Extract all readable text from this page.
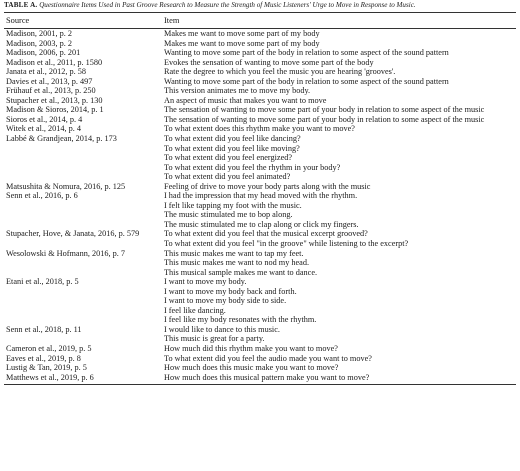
TABLE A. Questionnaire Items Used in Past Groove Research to Measure the Strength of Music Listeners' Urge to Move in Response to Music.
Source	Item
Madison, 2001, p. 2	Makes me want to move some part of my body
Madison, 2003, p. 2	Makes me want to move some part of my body
Madison, 2006, p. 201	Wanting to move some part of the body in relation to some aspect of the sound pattern
Madison et al., 2011, p. 1580	Evokes the sensation of wanting to move some part of the body
Janata et al., 2012, p. 58	Rate the degree to which you feel the music you are hearing 'grooves'.
Davies et al., 2013, p. 497	Wanting to move some part of the body in relation to some aspect of the sound pattern
Frühauf et al., 2013, p. 250	This version animates me to move my body.
Stupacher et al., 2013, p. 130	An aspect of music that makes you want to move
Madison & Sioros, 2014, p. 1	The sensation of wanting to move some part of your body in relation to some aspect of the music
Sioros et al., 2014, p. 4	The sensation of wanting to move some part of your body in relation to some aspect of the music
Witek et al., 2014, p. 4	To what extent does this rhythm make you want to move?
Labbé & Grandjean, 2014, p. 173	To what extent did you feel like dancing?
	To what extent did you feel like moving?
	To what extent did you feel energized?
	To what extent did you feel the rhythm in your body?
	To what extent did you feel animated?
Matsushita & Nomura, 2016, p. 125	Feeling of drive to move your body parts along with the music
Senn et al., 2016, p. 6	I had the impression that my head moved with the rhythm.
	I felt like tapping my foot with the music.
	The music stimulated me to bop along.
	The music stimulated me to clap along or click my fingers.
Stupacher, Hove, & Janata, 2016, p. 579	To what extent did you feel that the musical excerpt grooved?
	To what extent did you feel "in the groove" while listening to the excerpt?
Wesolowski & Hofmann, 2016, p. 7	This music makes me want to tap my feet.
	This music makes me want to nod my head.
	This musical sample makes me want to dance.
Etani et al., 2018, p. 5	I want to move my body.
	I want to move my body back and forth.
	I want to move my body side to side.
	I feel like dancing.
	I feel like my body resonates with the rhythm.
Senn et al., 2018, p. 11	I would like to dance to this music.
	This music is great for a party.
Cameron et al., 2019, p. 5	How much did this rhythm make you want to move?
Eaves et al., 2019, p. 8	To what extent did you feel the audio made you want to move?
Lustig & Tan, 2019, p. 5	How much does this music make you want to move?
Matthews et al., 2019, p. 6	How much does this musical pattern make you want to move?
